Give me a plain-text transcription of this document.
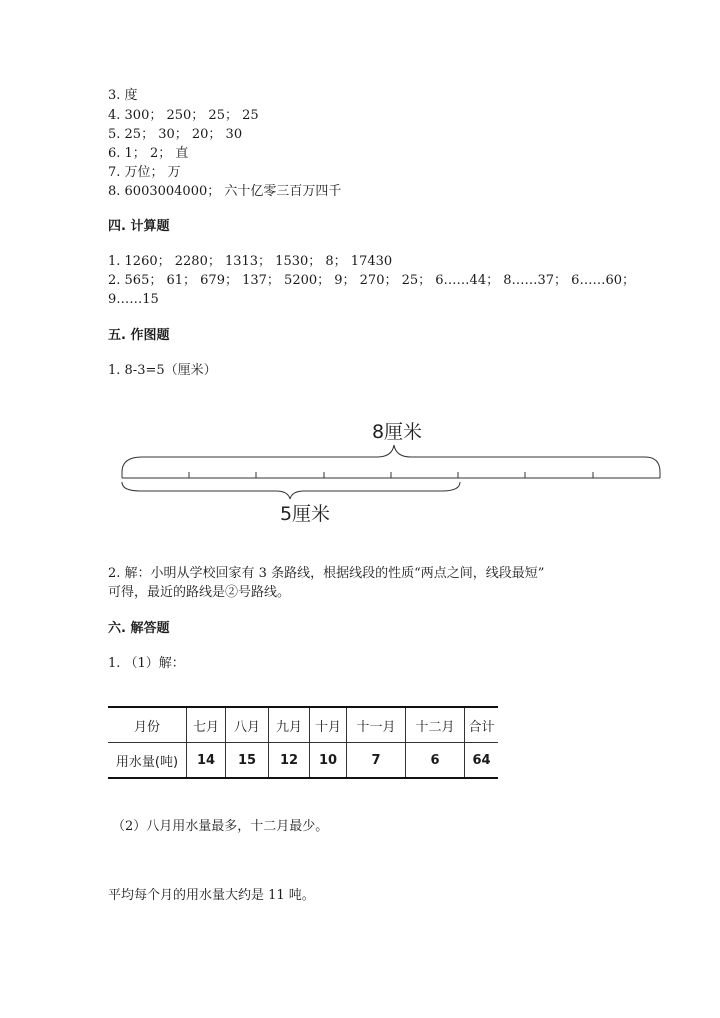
3. 度
4. 300； 250； 25； 25
5. 25； 30； 20； 30
6. 1； 2； 直
7. 万位； 万
8. 6003004000； 六十亿零三百万四千
四. 计算题
1. 1260； 2280； 1313； 1530； 8； 17430
2. 565； 61； 679； 137； 5200； 9； 270； 25； 6……44； 8……37； 6……60；
9……15
五. 作图题
1. 8-3=5（厘米）
8厘米
5厘米
2. 解：小明从学校回家有 3 条路线，根据线段的性质“两点之间，线段最短”
可得，最近的路线是②号路线。
六. 解答题
1. （1）解：
月份	七月	八月	九月	十月	十一月	十二月	合计
用水量(吨)	14	15	12	10	7	6	64
（2）八月用水量最多，十二月最少。
平均每个月的用水量大约是 11 吨。
